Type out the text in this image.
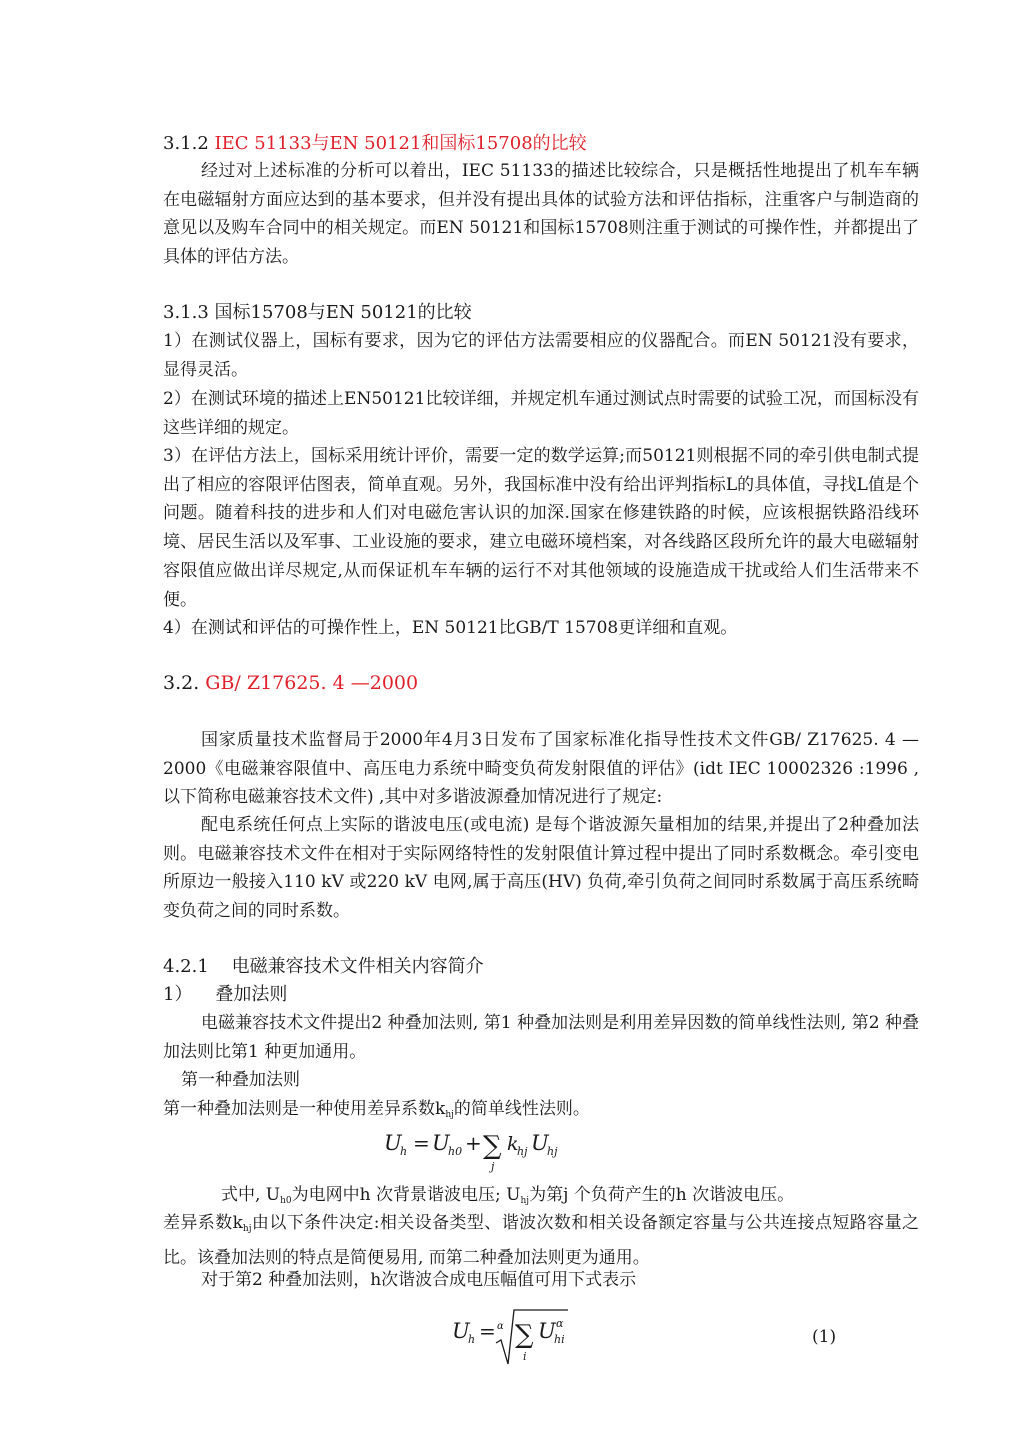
3.1.2 IEC 51133与EN 50121和国标15708的比较
经过对上述标准的分析可以着出，IEC 51133的描述比较综合，只是概括性地提出了机车车辆在电磁辐射方面应达到的基本要求，但并没有提出具体的试验方法和评估指标，注重客户与制造商的意见以及购车合同中的相关规定。而EN 50121和国标15708则注重于测试的可操作性，并都提出了具体的评估方法。
3.1.3 国标15708与EN 50121的比较
1）在测试仪器上，国标有要求，因为它的评估方法需要相应的仪器配合。而EN 50121没有要求，显得灵活。
2）在测试环境的描述上EN50121比较详细，并规定机车通过测试点时需要的试验工况，而国标没有这些详细的规定。
3）在评估方法上，国标采用统计评价，需要一定的数学运算;而50121则根据不同的牵引供电制式提出了相应的容限评估图表，简单直观。另外，我国标准中没有给出评判指标L的具体值，寻找L值是个问题。随着科技的进步和人们对电磁危害认识的加深.国家在修建铁路的时候，应该根据铁路沿线环境、居民生活以及军事、工业设施的要求，建立电磁环境档案，对各线路区段所允许的最大电磁辐射容限值应做出详尽规定,从而保证机车车辆的运行不对其他领域的设施造成干扰或给人们生活带来不便。
4）在测试和评估的可操作性上，EN 50121比GB/T 15708更详细和直观。
3.2. GB/ Z17625. 4 —2000
国家质量技术监督局于2000年4月3日发布了国家标准化指导性技术文件GB/ Z17625. 4 —2000《电磁兼容限值中、高压电力系统中畸变负荷发射限值的评估》(idt IEC 10002326 :1996 ,以下简称电磁兼容技术文件) ,其中对多谐波源叠加情况进行了规定:
配电系统任何点上实际的谐波电压(或电流) 是每个谐波源矢量相加的结果,并提出了2种叠加法则。电磁兼容技术文件在相对于实际网络特性的发射限值计算过程中提出了同时系数概念。牵引变电所原边一般接入110 kV 或220 kV 电网,属于高压(HV) 负荷,牵引负荷之间同时系数属于高压系统畸变负荷之间的同时系数。
4.2.1    电磁兼容技术文件相关内容简介
1）    叠加法则
电磁兼容技术文件提出2 种叠加法则, 第1 种叠加法则是利用差异因数的简单线性法则, 第2 种叠加法则比第1 种更加通用。
第一种叠加法则
第一种叠加法则是一种使用差异系数$k_{hj}$的简单线性法则。
U
h = U
h0 + ∑
j
k
hj U
hj
式中, $U_{h0}$为电网中h 次背景谐波电压; $U_{hj}$为第j 个负荷产生的h 次谐波电压。
差异系数$k_{hj}$由以下条件决定:相关设备类型、谐波次数和相关设备额定容量与公共连接点短路容量之比。该叠加法则的特点是简便易用, 而第二种叠加法则更为通用。
对于第2 种叠加法则，h次谐波合成电压幅值可用下式表示
U
h = α ∑
i
U
hi
α
(1)
